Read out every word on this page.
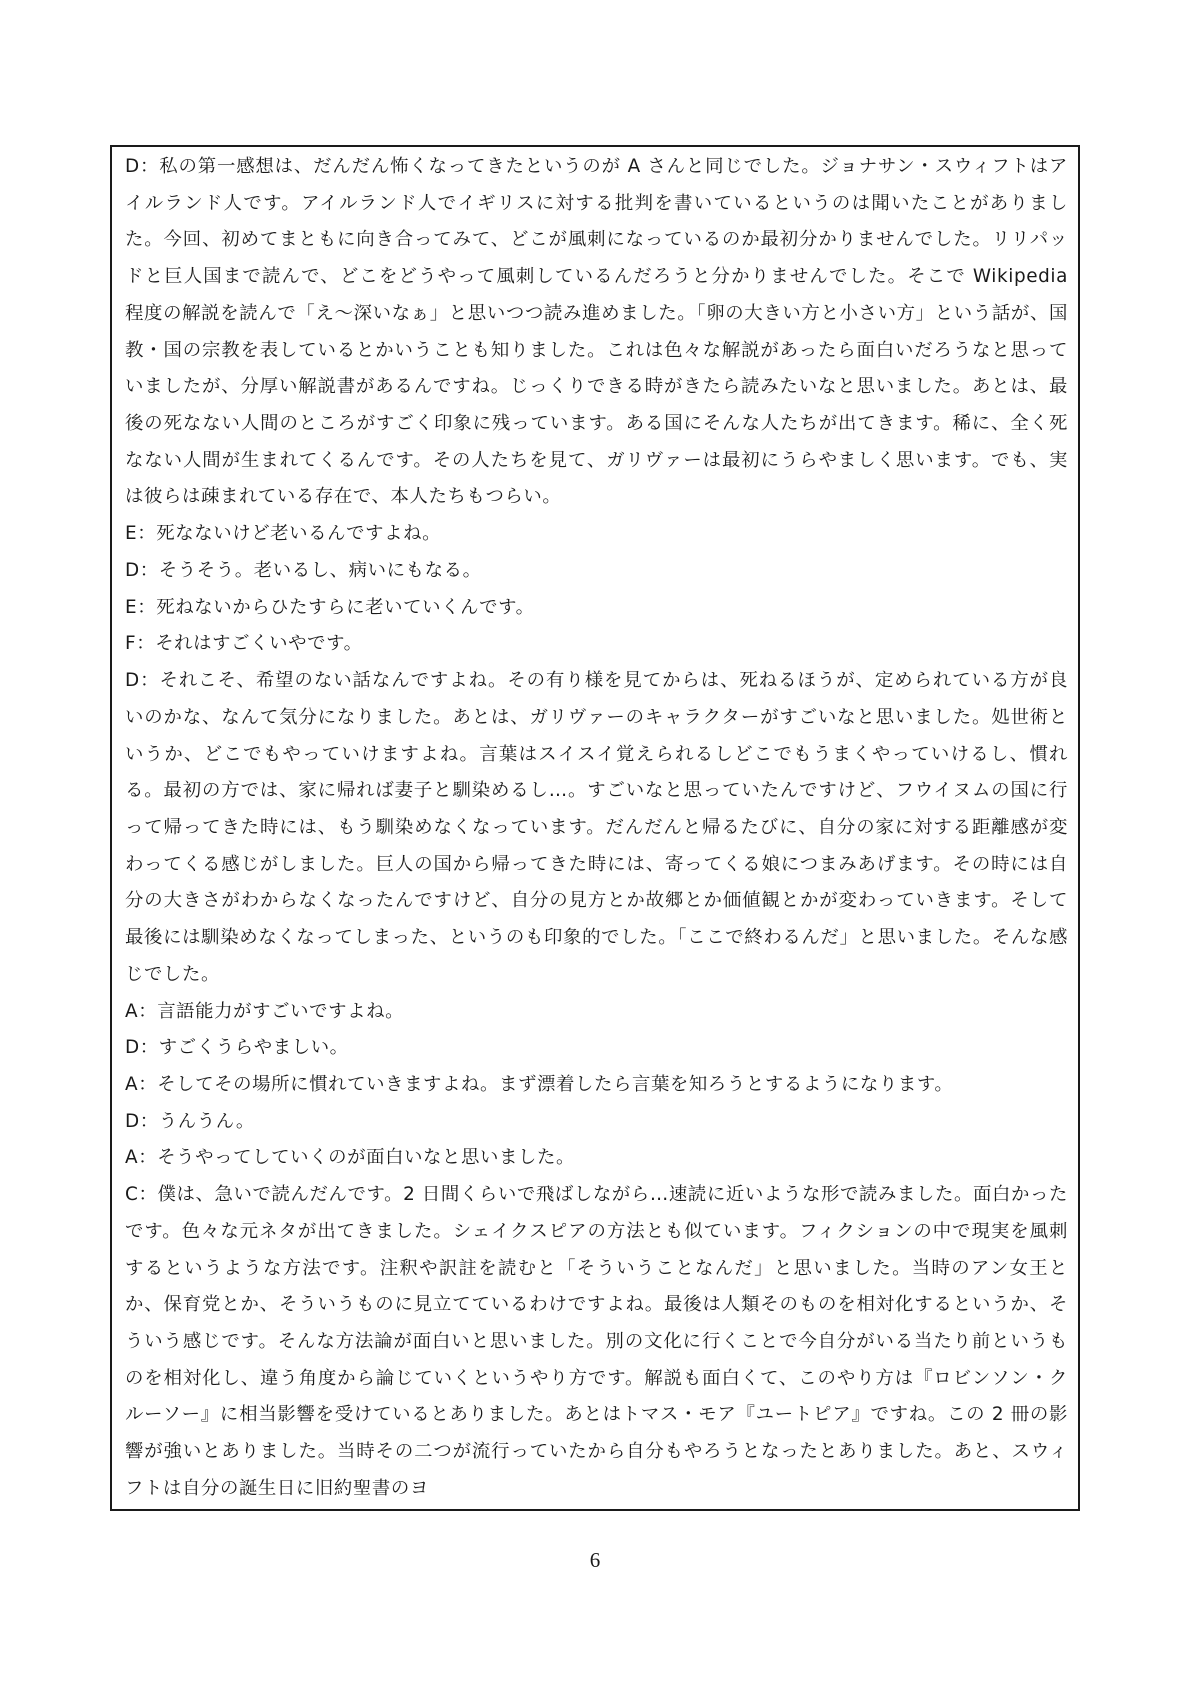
D：私の第一感想は、だんだん怖くなってきたというのが A さんと同じでした。ジョナサン・スウィフトはアイルランド人です。アイルランド人でイギリスに対する批判を書いているというのは聞いたことがありました。今回、初めてまともに向き合ってみて、どこが風刺になっているのか最初分かりませんでした。リリパッドと巨人国まで読んで、どこをどうやって風刺しているんだろうと分かりませんでした。そこで Wikipedia 程度の解説を読んで「え〜深いなぁ」と思いつつ読み進めました。「卵の大きい方と小さい方」という話が、国教・国の宗教を表しているとかいうことも知りました。これは色々な解説があったら面白いだろうなと思っていましたが、分厚い解説書があるんですね。じっくりできる時がきたら読みたいなと思いました。あとは、最後の死なない人間のところがすごく印象に残っています。ある国にそんな人たちが出てきます。稀に、全く死なない人間が生まれてくるんです。その人たちを見て、ガリヴァーは最初にうらやましく思います。でも、実は彼らは疎まれている存在で、本人たちもつらい。

E：死なないけど老いるんですよね。

D：そうそう。老いるし、病いにもなる。

E：死ねないからひたすらに老いていくんです。

F：それはすごくいやです。

D：それこそ、希望のない話なんですよね。その有り様を見てからは、死ねるほうが、定められている方が良いのかな、なんて気分になりました。あとは、ガリヴァーのキャラクターがすごいなと思いました。処世術というか、どこでもやっていけますよね。言葉はスイスイ覚えられるしどこでもうまくやっていけるし、慣れる。最初の方では、家に帰れば妻子と馴染めるし…。すごいなと思っていたんですけど、フウイヌムの国に行って帰ってきた時には、もう馴染めなくなっています。だんだんと帰るたびに、自分の家に対する距離感が変わってくる感じがしました。巨人の国から帰ってきた時には、寄ってくる娘につまみあげます。その時には自分の大きさがわからなくなったんですけど、自分の見方とか故郷とか価値観とかが変わっていきます。そして最後には馴染めなくなってしまった、というのも印象的でした。「ここで終わるんだ」と思いました。そんな感じでした。

A：言語能力がすごいですよね。

D：すごくうらやましい。

A：そしてその場所に慣れていきますよね。まず漂着したら言葉を知ろうとするようになります。

D：うんうん。

A：そうやってしていくのが面白いなと思いました。

C：僕は、急いで読んだんです。2 日間くらいで飛ばしながら…速読に近いような形で読みました。面白かったです。色々な元ネタが出てきました。シェイクスピアの方法とも似ています。フィクションの中で現実を風刺するというような方法です。注釈や訳註を読むと「そういうことなんだ」と思いました。当時のアン女王とか、保育党とか、そういうものに見立てているわけですよね。最後は人類そのものを相対化するというか、そういう感じです。そんな方法論が面白いと思いました。別の文化に行くことで今自分がいる当たり前というものを相対化し、違う角度から論じていくというやり方です。解説も面白くて、このやり方は『ロビンソン・クルーソー』に相当影響を受けているとありました。あとはトマス・モア『ユートピア』ですね。この 2 冊の影響が強いとありました。当時その二つが流行っていたから自分もやろうとなったとありました。あと、スウィフトは自分の誕生日に旧約聖書のヨ

6
